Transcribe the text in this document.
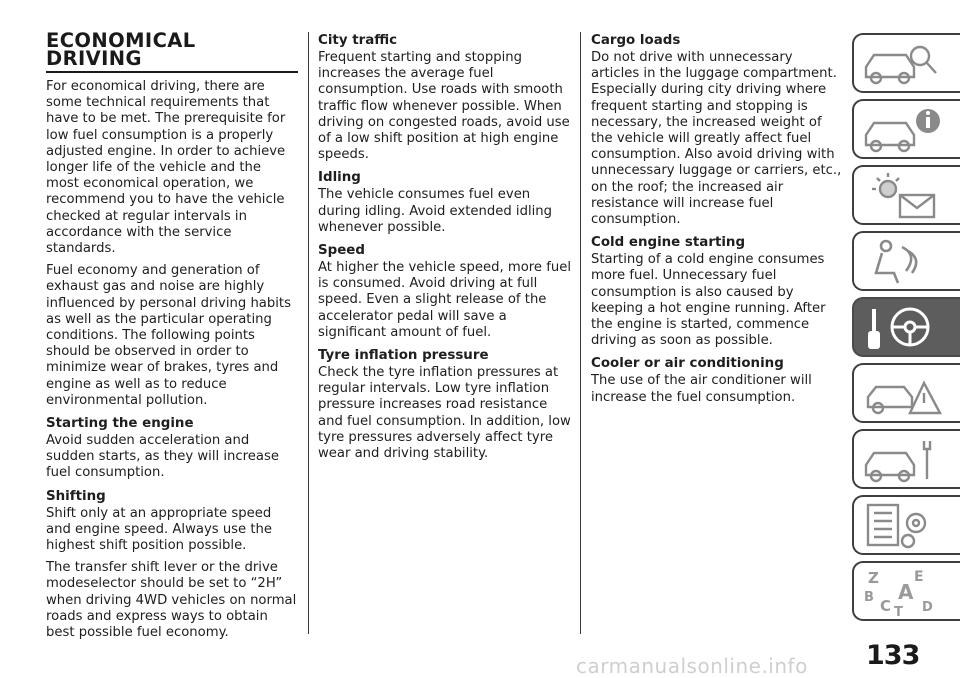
ECONOMICAL
DRIVING

For economical driving, there are some technical requirements that have to be met. The prerequisite for low fuel consumption is a properly adjusted engine. In order to achieve longer life of the vehicle and the most economical operation, we recommend you to have the vehicle checked at regular intervals in accordance with the service standards.

Fuel economy and generation of exhaust gas and noise are highly influenced by personal driving habits as well as the particular operating conditions. The following points should be observed in order to minimize wear of brakes, tyres and engine as well as to reduce environmental pollution.

Starting the engine

Avoid sudden acceleration and sudden starts, as they will increase fuel consumption.

Shifting

Shift only at an appropriate speed and engine speed. Always use the highest shift position possible.

The transfer shift lever or the drive modeselector should be set to “2H” when driving 4WD vehicles on normal roads and express ways to obtain best possible fuel economy.

City traffic

Frequent starting and stopping increases the average fuel consumption. Use roads with smooth traffic flow whenever possible. When driving on congested roads, avoid use of a low shift position at high engine speeds.

Idling

The vehicle consumes fuel even during idling. Avoid extended idling whenever possible.

Speed

At higher the vehicle speed, more fuel is consumed. Avoid driving at full speed. Even a slight release of the accelerator pedal will save a significant amount of fuel.

Tyre inflation pressure

Check the tyre inflation pressures at regular intervals. Low tyre inflation pressure increases road resistance and fuel consumption. In addition, low tyre pressures adversely affect tyre wear and driving stability.

Cargo loads

Do not drive with unnecessary articles in the luggage compartment. Especially during city driving where frequent starting and stopping is necessary, the increased weight of the vehicle will greatly affect fuel consumption. Also avoid driving with unnecessary luggage or carriers, etc., on the roof; the increased air resistance will increase fuel consumption.

Cold engine starting

Starting of a cold engine consumes more fuel. Unnecessary fuel consumption is also caused by keeping a hot engine running. After the engine is started, commence driving as soon as possible.

Cooler or air conditioning

The use of the air conditioner will increase the fuel consumption.

Z	E
A
B C D
T
133
carmanualsonline.info
